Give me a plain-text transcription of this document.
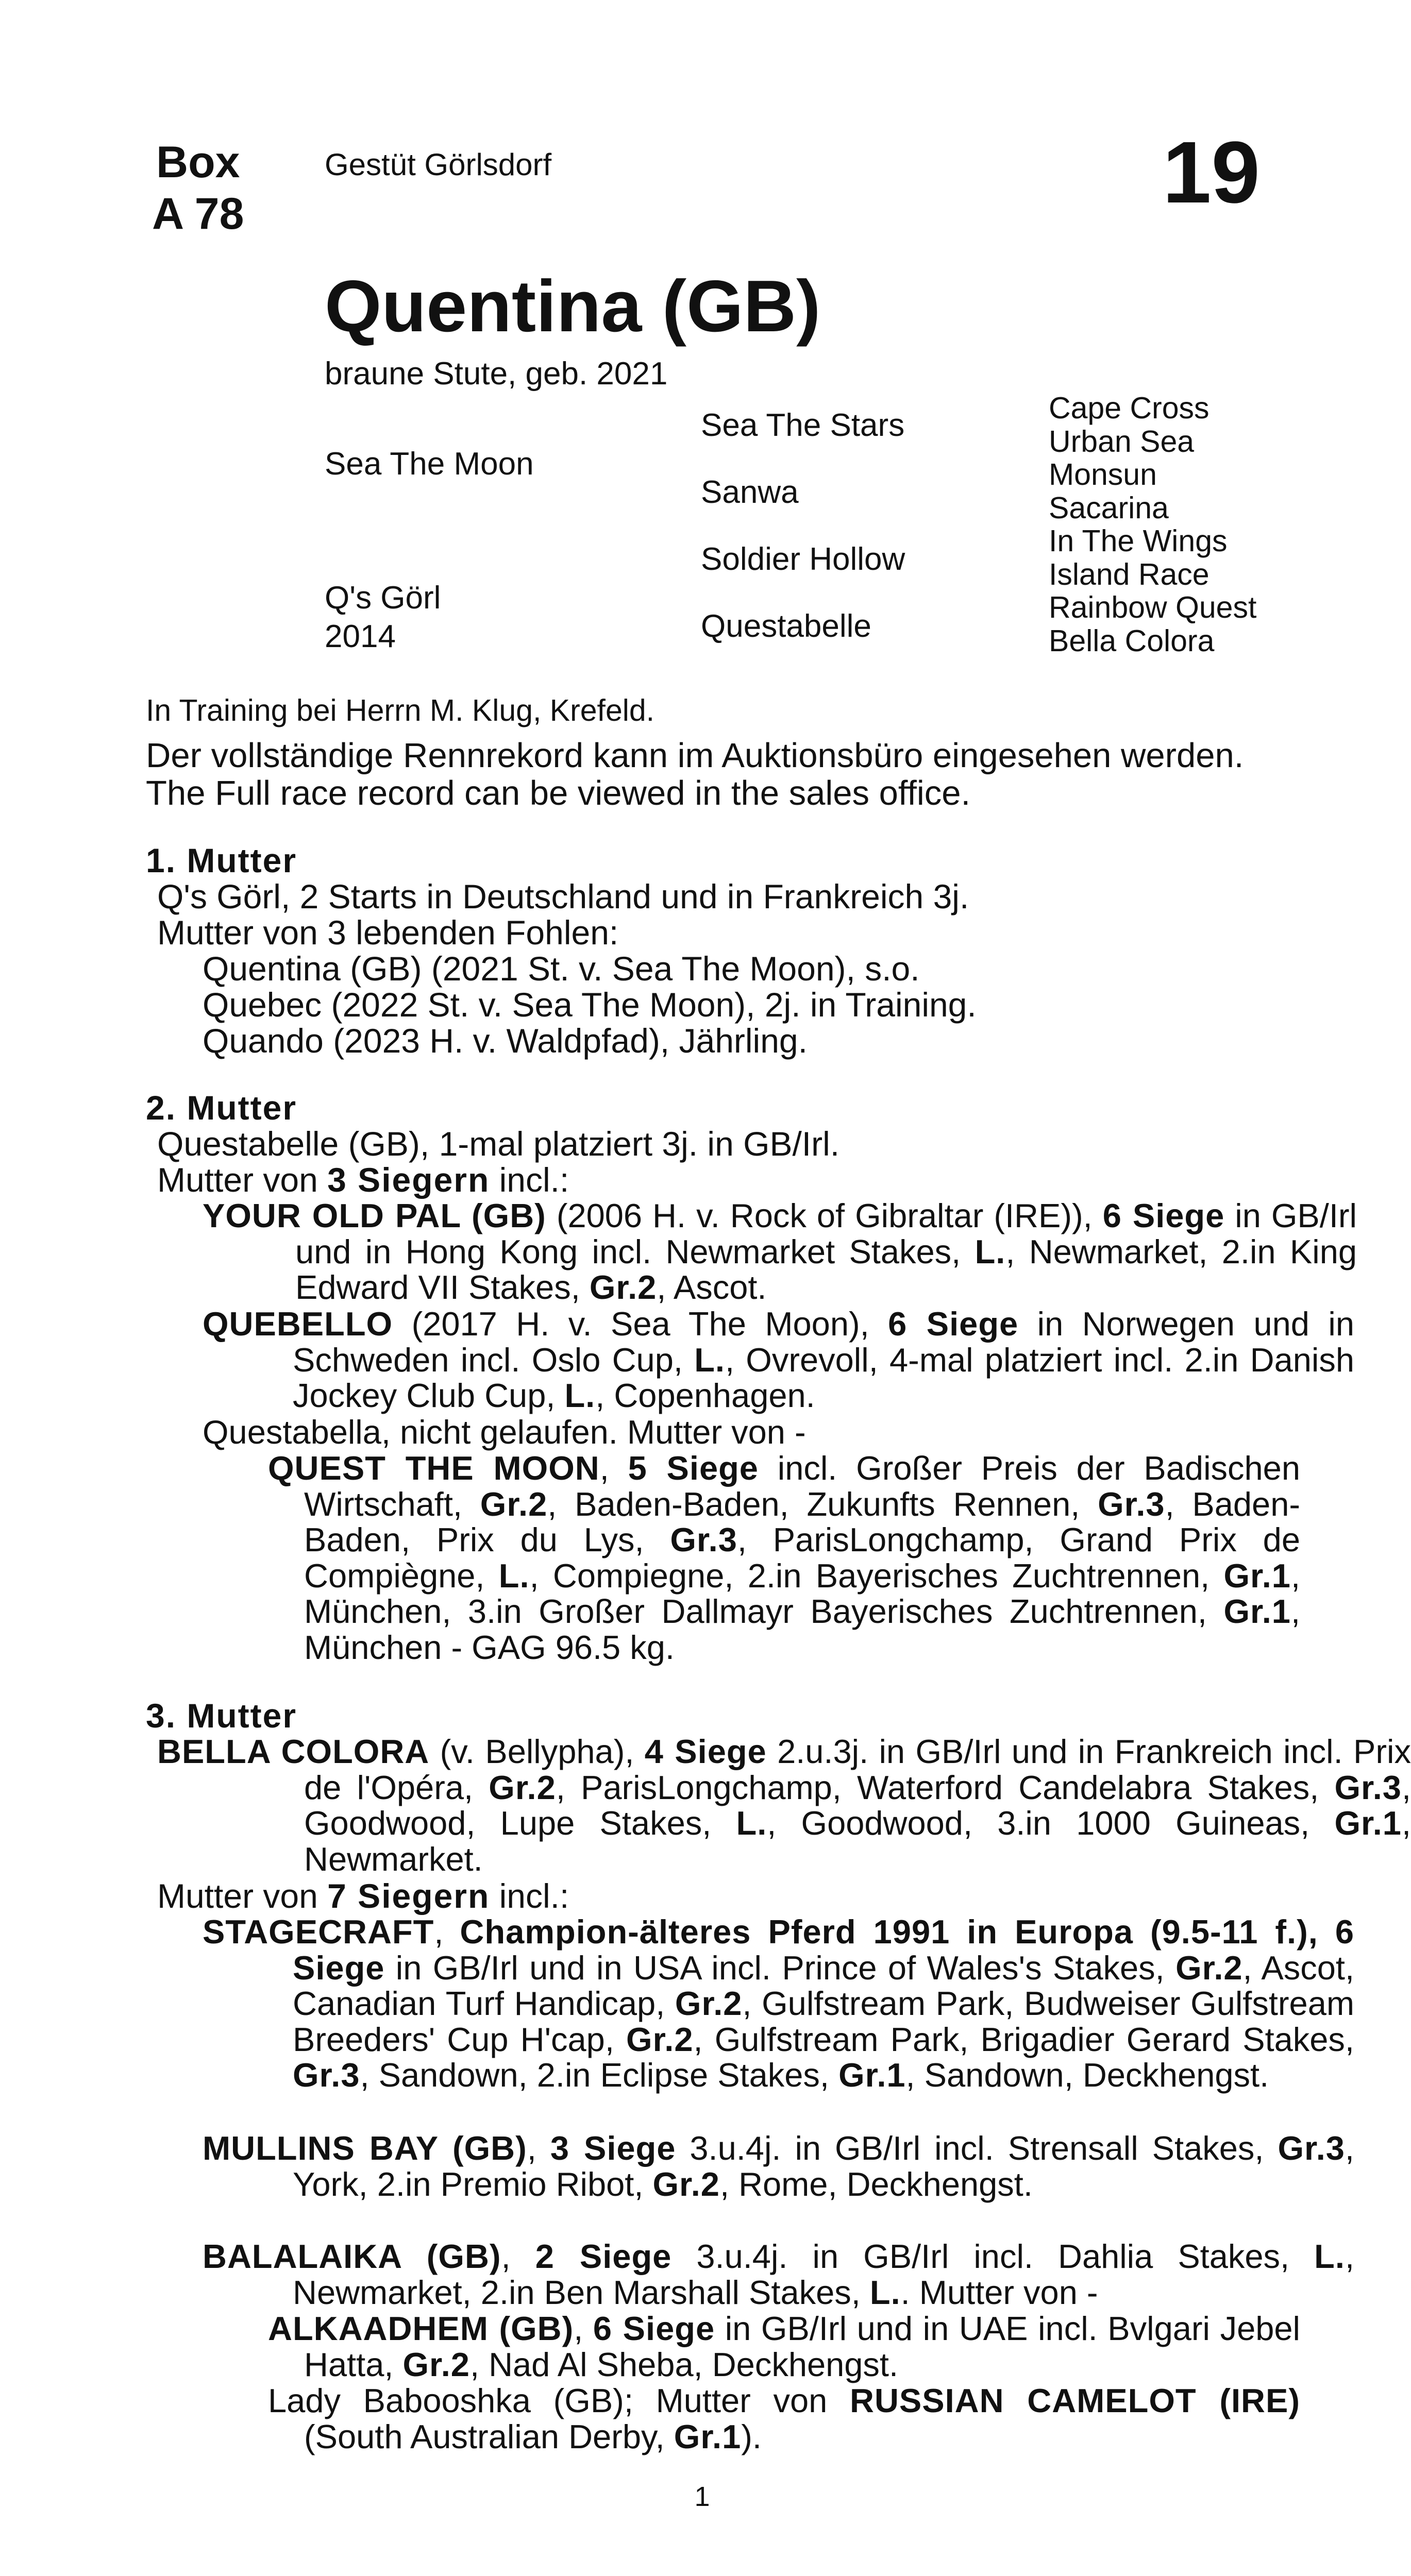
Box
A 78
Gestüt Görlsdorf	19
Quentina (GB)
braune Stute, geb. 2021
Sea The Moon
Q's Görl
2014
Sea The Stars
Sanwa
Soldier Hollow
Questabelle
Cape Cross
Urban Sea
Monsun
Sacarina
In The Wings
Island Race
Rainbow Quest
Bella Colora
In Training bei Herrn M. Klug, Krefeld.
Der vollständige Rennrekord kann im Auktionsbüro eingesehen werden.
The Full race record can be viewed in the sales office.
1. Mutter
Q's Görl, 2 Starts in Deutschland und in Frankreich 3j.
Mutter von 3 lebenden Fohlen:
Quentina (GB) (2021 St. v. Sea The Moon), s.o.
Quebec (2022 St. v. Sea The Moon), 2j. in Training.
Quando (2023 H. v. Waldpfad), Jährling.
2. Mutter
Questabelle (GB), 1-mal platziert 3j. in GB/Irl.
Mutter von 3 Siegern incl.:
YOUR OLD PAL (GB) (2006 H. v. Rock of Gibraltar (IRE)), 6 Siege in GB/Irl und in Hong Kong incl. Newmarket Stakes, L., Newmarket, 2.in King Edward VII Stakes, Gr.2, Ascot.
QUEBELLO (2017 H. v. Sea The Moon), 6 Siege in Norwegen und in Schweden incl. Oslo Cup, L., Ovrevoll, 4-mal platziert incl. 2.in Danish Jockey Club Cup, L., Copenhagen.
Questabella, nicht gelaufen. Mutter von -
QUEST THE MOON, 5 Siege incl. Großer Preis der Badischen Wirtschaft, Gr.2, Baden-Baden, Zukunfts Rennen, Gr.3, Baden-Baden, Prix du Lys, Gr.3, ParisLongchamp, Grand Prix de Compiègne, L., Compiegne, 2.in Bayerisches Zuchtrennen, Gr.1, München, 3.in Großer Dallmayr Bayerisches Zuchtrennen, Gr.1, München - GAG 96.5 kg.
3. Mutter
BELLA COLORA (v. Bellypha), 4 Siege 2.u.3j. in GB/Irl und in Frankreich incl. Prix de l'Opéra, Gr.2, ParisLongchamp, Waterford Candelabra Stakes, Gr.3, Goodwood, Lupe Stakes, L., Goodwood, 3.in 1000 Guineas, Gr.1, Newmarket.
Mutter von 7 Siegern incl.:
STAGECRAFT, Champion-älteres Pferd 1991 in Europa (9.5-11 f.), 6 Siege in GB/Irl und in USA incl. Prince of Wales's Stakes, Gr.2, Ascot, Canadian Turf Handicap, Gr.2, Gulfstream Park, Budweiser Gulfstream Breeders' Cup H'cap, Gr.2, Gulfstream Park, Brigadier Gerard Stakes, Gr.3, Sandown, 2.in Eclipse Stakes, Gr.1, Sandown, Deckhengst.
MULLINS BAY (GB), 3 Siege 3.u.4j. in GB/Irl incl. Strensall Stakes, Gr.3, York, 2.in Premio Ribot, Gr.2, Rome, Deckhengst.
BALALAIKA (GB), 2 Siege 3.u.4j. in GB/Irl incl. Dahlia Stakes, L., Newmarket, 2.in Ben Marshall Stakes, L.. Mutter von -
ALKAADHEM (GB), 6 Siege in GB/Irl und in UAE incl. Bvlgari Jebel Hatta, Gr.2, Nad Al Sheba, Deckhengst.
Lady Babooshka (GB); Mutter von RUSSIAN CAMELOT (IRE) (South Australian Derby, Gr.1).
1
